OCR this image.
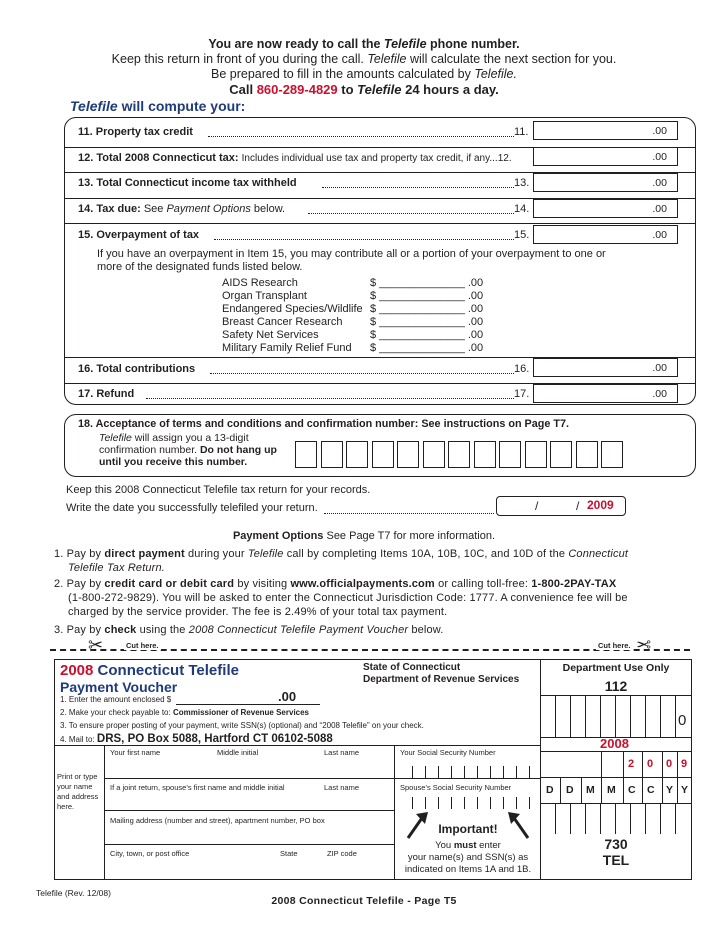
You are now ready to call the Telefile phone number.
Keep this return in front of you during the call. Telefile will calculate the next section for you.
Be prepared to fill in the amounts calculated by Telefile.
Call 860-289-4829 to Telefile 24 hours a day.
Telefile will compute your:
11. Property tax credit	11.	.00
12. Total 2008 Connecticut tax: Includes individual use tax and property tax credit, if any...12.	.00
13. Total Connecticut income tax withheld	13.	.00
14. Tax due: See Payment Options below.	14.	.00
15. Overpayment of tax	15.	.00
If you have an overpayment in Item 15, you may contribute all or a portion of your overpayment to one or
more of the designated funds listed below.
AIDS Research	$ ______________ .00
Organ Transplant	$ ______________ .00
Endangered Species/Wildlife $ ______________ .00
Breast Cancer Research	$ ______________ .00
Safety Net Services	$ ______________ .00
Military Family Relief Fund $ ______________ .00
16. Total contributions	16.	.00
17. Refund	17.	.00
18. Acceptance of terms and conditions and confirmation number: See instructions on Page T7.
Telefile will assign you a 13-digit
confirmation number. Do not hang up
until you receive this number.
Keep this 2008 Connecticut Telefile tax return for your records.
Write the date you successfully telefiled your return.	/	/ 2009
Payment Options See Page T7 for more information.
1. Pay by direct payment during your Telefile call by completing Items 10A, 10B, 10C, and 10D of the Connecticut
Telefile Tax Return.
2. Pay by credit card or debit card by visiting www.officialpayments.com or calling toll-free: 1-800-2PAY-TAX
(1-800-272-9829). You will be asked to enter the Connecticut Jurisdiction Code: 1777. A convenience fee will be
charged by the service provider. The fee is 2.49% of your total tax payment.
3. Pay by check using the 2008 Connecticut Telefile Payment Voucher below.
✂	Cut here.	Cut here. ✂
2008 Connecticut Telefile
Payment Voucher
State of Connecticut
Department of Revenue Services
1. Enter the amount enclosed $	.00
2. Make your check payable to: Commissioner of Revenue Services
3. To ensure proper posting of your payment, write SSN(s) (optional) and “2008 Telefile” on your check.
4. Mail to: DRS, PO Box 5088, Hartford CT 06102-5088
Department Use Only
112
0
2008
2 0 0 9
D D M M C C Y Y
730
TEL
Print or type
your name
and address
here.
Your first name	Middle initial	Last name	Your Social Security Number
If a joint return, spouse’s first name and middle initial	Last name	Spouse’s Social Security Number
Mailing address (number and street), apartment number, PO box
City, town, or post office	State	ZIP code
Important!
You must enter
your name(s) and SSN(s) as
indicated on Items 1A and 1B.
Telefile (Rev. 12/08)
2008 Connecticut Telefile - Page T5
